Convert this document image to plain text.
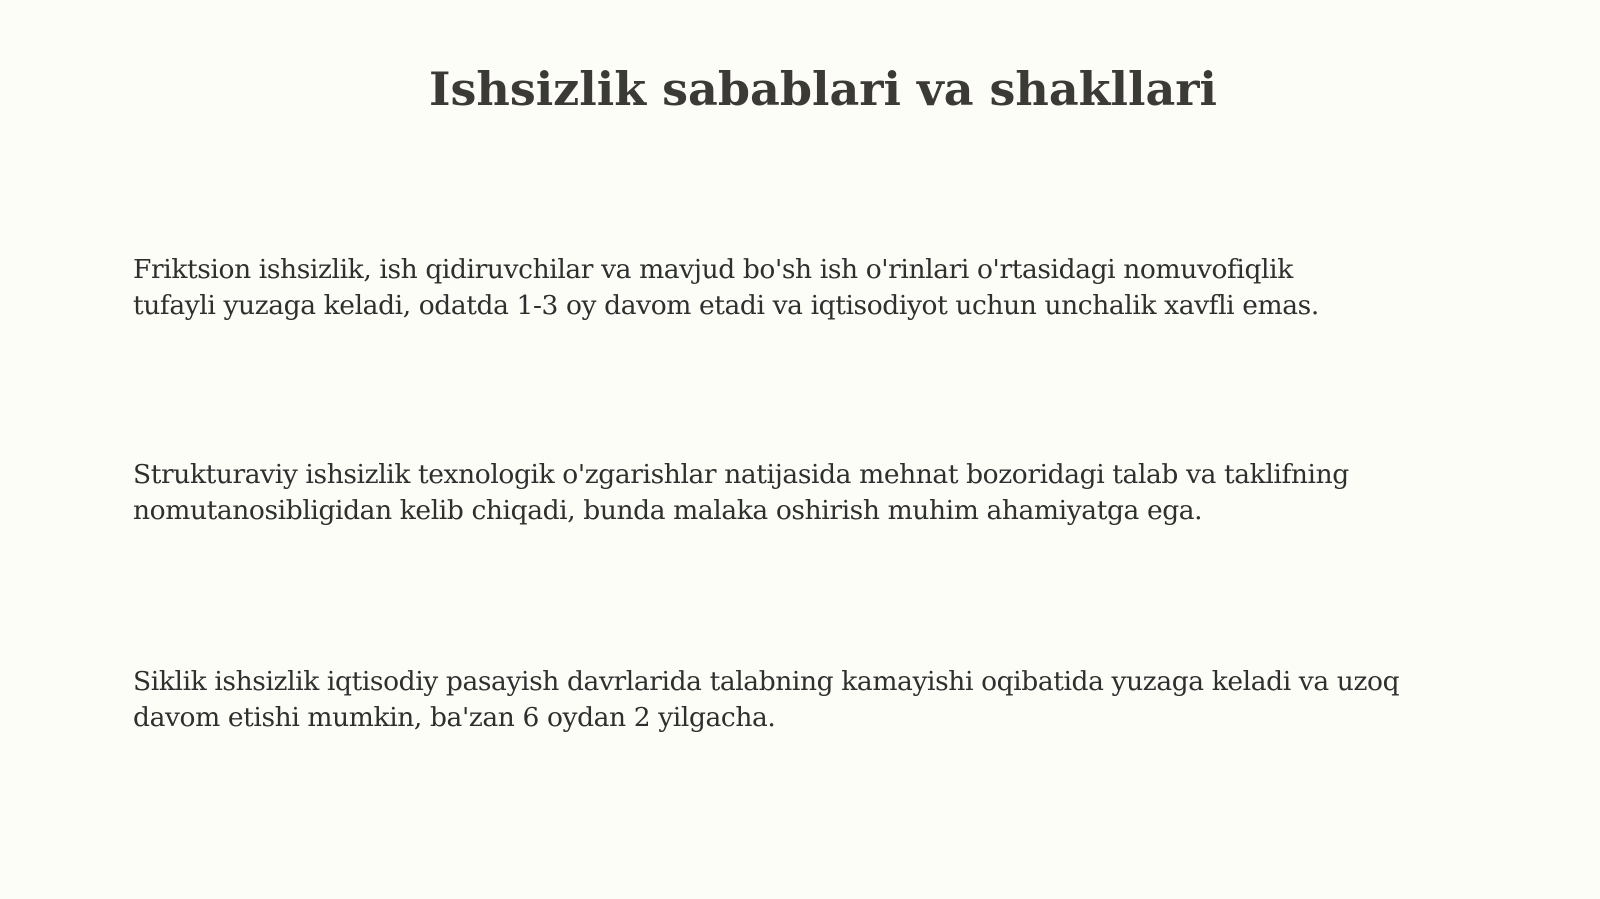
Ishsizlik sabablari va shakllari

Friktsion ishsizlik, ish qidiruvchilar va mavjud bo'sh ish o'rinlari o'rtasidagi nomuvofiqlik
tufayli yuzaga keladi, odatda 1-3 oy davom etadi va iqtisodiyot uchun unchalik xavfli emas.

Strukturaviy ishsizlik texnologik o'zgarishlar natijasida mehnat bozoridagi talab va taklifning
nomutanosibligidan kelib chiqadi, bunda malaka oshirish muhim ahamiyatga ega.

Siklik ishsizlik iqtisodiy pasayish davrlarida talabning kamayishi oqibatida yuzaga keladi va uzoq
davom etishi mumkin, ba'zan 6 oydan 2 yilgacha.
